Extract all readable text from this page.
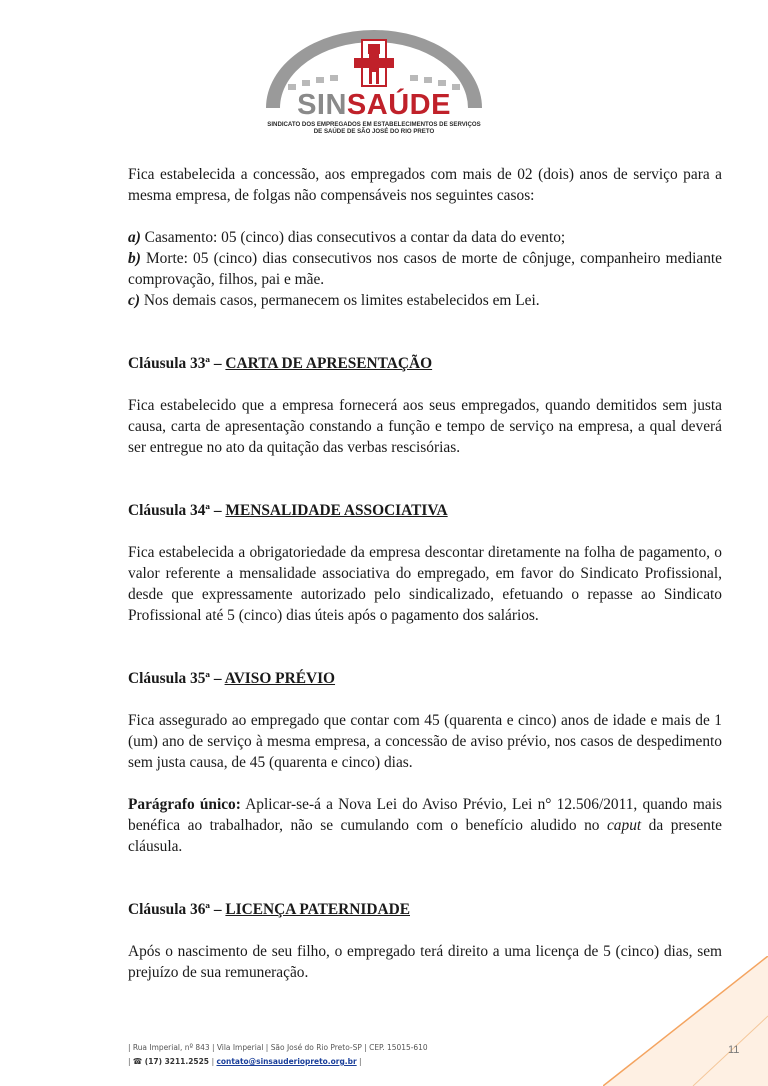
SINSAÚDE
SINDICATO DOS EMPREGADOS EM ESTABELECIMENTOS DE SERVIÇOS
DE SAÚDE DE SÃO JOSÉ DO RIO PRETO

Fica estabelecida a concessão, aos empregados com mais de 02 (dois) anos de serviço para a mesma empresa, de folgas não compensáveis nos seguintes casos:

a) Casamento: 05 (cinco) dias consecutivos a contar da data do evento;

b) Morte: 05 (cinco) dias consecutivos nos casos de morte de cônjuge, companheiro mediante comprovação, filhos, pai e mãe.

c) Nos demais casos, permanecem os limites estabelecidos em Lei.

Cláusula 33ª – CARTA DE APRESENTAÇÃO

Fica estabelecido que a empresa fornecerá aos seus empregados, quando demitidos sem justa causa, carta de apresentação constando a função e tempo de serviço na empresa, a qual deverá ser entregue no ato da quitação das verbas rescisórias.

Cláusula 34ª – MENSALIDADE ASSOCIATIVA

Fica estabelecida a obrigatoriedade da empresa descontar diretamente na folha de pagamento, o valor referente a mensalidade associativa do empregado, em favor do Sindicato Profissional, desde que expressamente autorizado pelo sindicalizado, efetuando o repasse ao Sindicato Profissional até 5 (cinco) dias úteis após o pagamento dos salários.

Cláusula 35ª – AVISO PRÉVIO

Fica assegurado ao empregado que contar com 45 (quarenta e cinco) anos de idade e mais de 1 (um) ano de serviço à mesma empresa, a concessão de aviso prévio, nos casos de despedimento sem justa causa, de 45 (quarenta e cinco) dias.

Parágrafo único: Aplicar-se-á a Nova Lei do Aviso Prévio, Lei n° 12.506/2011, quando mais benéfica ao trabalhador, não se cumulando com o benefício aludido no caput da presente cláusula.

Cláusula 36ª – LICENÇA PATERNIDADE

Após o nascimento de seu filho, o empregado terá direito a uma licença de 5 (cinco) dias, sem prejuízo de sua remuneração.

| Rua Imperial, nº 843 | Vila Imperial | São José do Rio Preto-SP | CEP. 15015-610
| ☎ (17) 3211.2525 | contato@sinsauderiopreto.org.br |
11
